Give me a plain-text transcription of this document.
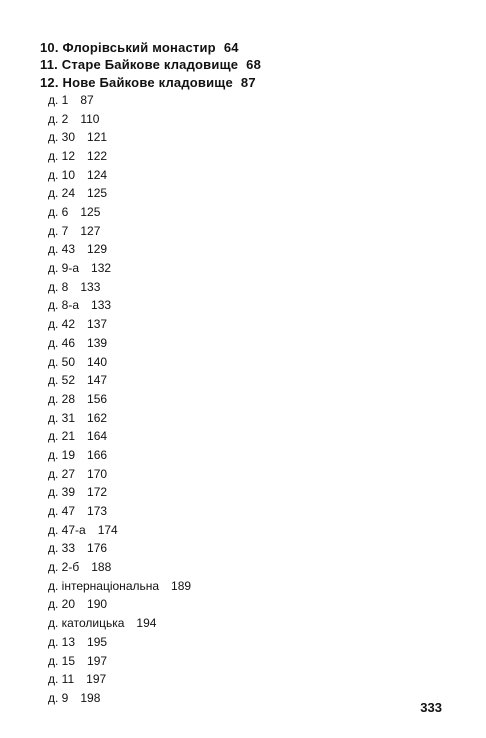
10. Флорівський монастир 64
11. Старе Байкове кладовище 68
12. Нове Байкове кладовище 87
д. 1 87
д. 2 110
д. 30 121
д. 12 122
д. 10 124
д. 24 125
д. 6 125
д. 7 127
д. 43 129
д. 9-а 132
д. 8 133
д. 8-а 133
д. 42 137
д. 46 139
д. 50 140
д. 52 147
д. 28 156
д. 31 162
д. 21 164
д. 19 166
д. 27 170
д. 39 172
д. 47 173
д. 47-а 174
д. 33 176
д. 2-б 188
д. інтернаціональна 189
д. 20 190
д. католицька 194
д. 13 195
д. 15 197
д. 11 197
д. 9 198
333
